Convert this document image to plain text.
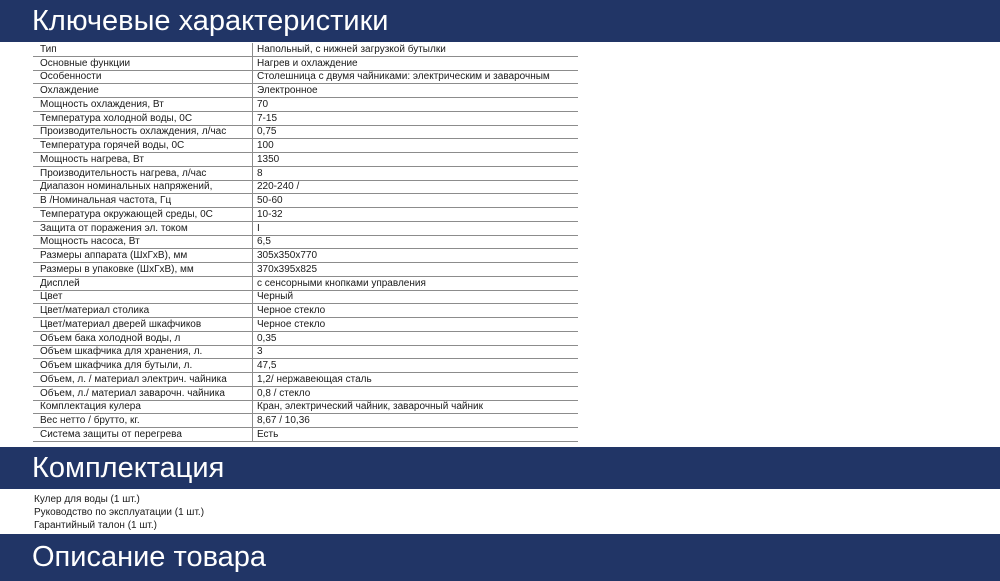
Ключевые характеристики
Тип	Напольный, с нижней загрузкой бутылки
Основные функции	Нагрев и охлаждение
Особенности	Столешница с двумя чайниками: электрическим и заварочным
Охлаждение	Электронное
Мощность охлаждения, Вт	70
Температура холодной воды, 0С	7-15
Производительность охлаждения, л/час	0,75
Температура горячей воды, 0С	100
Мощность нагрева, Вт	1350
Производительность нагрева, л/час	8
Диапазон номинальных напряжений,	220-240 /
В /Номинальная частота, Гц	50-60
Температура окружающей среды, 0С	10-32
Защита от поражения эл. током	I
Мощность насоса, Вт	6,5
Размеры аппарата (ШхГхВ), мм	305х350х770
Размеры в упаковке (ШхГхВ), мм	370х395х825
Дисплей	с сенсорными кнопками управления
Цвет	Черный
Цвет/материал столика	Черное стекло
Цвет/материал дверей шкафчиков	Черное стекло
Объем бака холодной воды, л	0,35
Объем шкафчика для хранения, л.	3
Объем шкафчика для бутыли, л.	47,5
Объем, л. / материал электрич. чайника	1,2/ нержавеющая сталь
Объем, л./ материал заварочн. чайника	0,8 / стекло
Комплектация кулера	Кран, электрический чайник, заварочный чайник
Вес нетто / брутто, кг.	8,67 / 10,36
Система защиты от перегрева	Есть
Комплектация
Кулер для воды (1 шт.)
Руководство по эксплуатации (1 шт.)
Гарантийный талон (1 шт.)
Описание товара
